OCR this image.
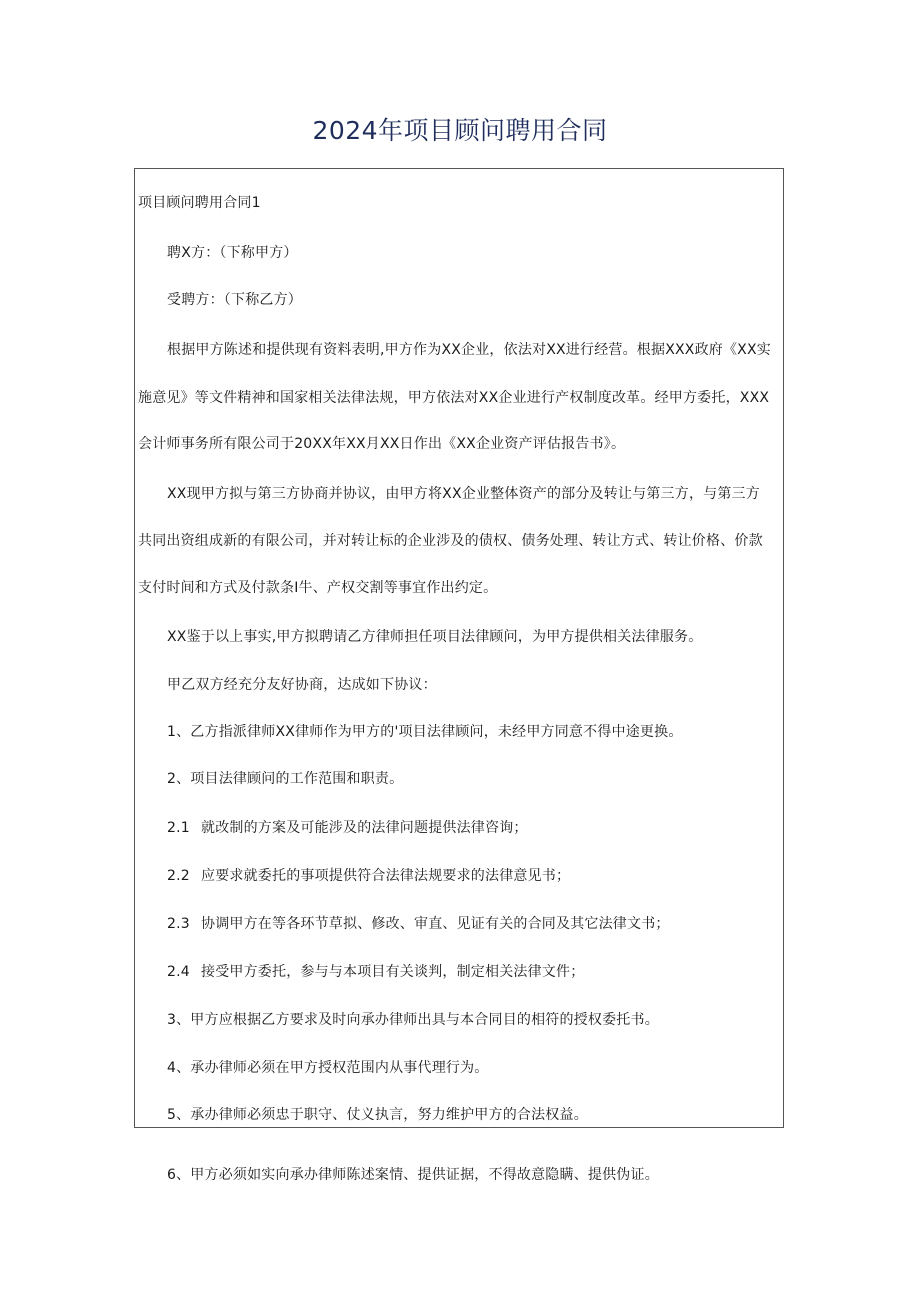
2024年项目顾问聘用合同

项目顾问聘用合同1

聘X方：（下称甲方）

受聘方：（下称乙方）

根据甲方陈述和提供现有资料表明,甲方作为XX企业，依法对XX进行经营。根据XXX政府《XX实

施意见》等文件精神和国家相关法律法规，甲方依法对XX企业进行产权制度改革。经甲方委托，XXX

会计师事务所有限公司于20XX年XX月XX日作出《XX企业资产评估报告书》。

XX现甲方拟与第三方协商并协议，由甲方将XX企业整体资产的部分及转让与第三方，与第三方

共同出资组成新的有限公司，并对转让标的企业涉及的债权、债务处理、转让方式、转让价格、价款

支付时间和方式及付款条I牛、产权交割等事宜作出约定。

XX鉴于以上事实,甲方拟聘请乙方律师担任项目法律顾问，为甲方提供相关法律服务。

甲乙双方经充分友好协商，达成如下协议：

1、乙方指派律师XX律师作为甲方的'项目法律顾问，未经甲方同意不得中途更换。

2、项目法律顾问的工作范围和职责。

2.1 就改制的方案及可能涉及的法律问题提供法律咨询；

2.2 应要求就委托的事项提供符合法律法规要求的法律意见书；

2.3 协调甲方在等各环节草拟、修改、审直、见证有关的合同及其它法律文书；

2.4 接受甲方委托，参与与本项目有关谈判，制定相关法律文件；

3、甲方应根据乙方要求及时向承办律师出具与本合同目的相符的授权委托书。

4、承办律师必须在甲方授权范围内从事代理行为。

5、承办律师必须忠于职守、仗义执言，努力维护甲方的合法权益。

6、甲方必须如实向承办律师陈述案情、提供证据，不得故意隐瞒、提供伪证。
